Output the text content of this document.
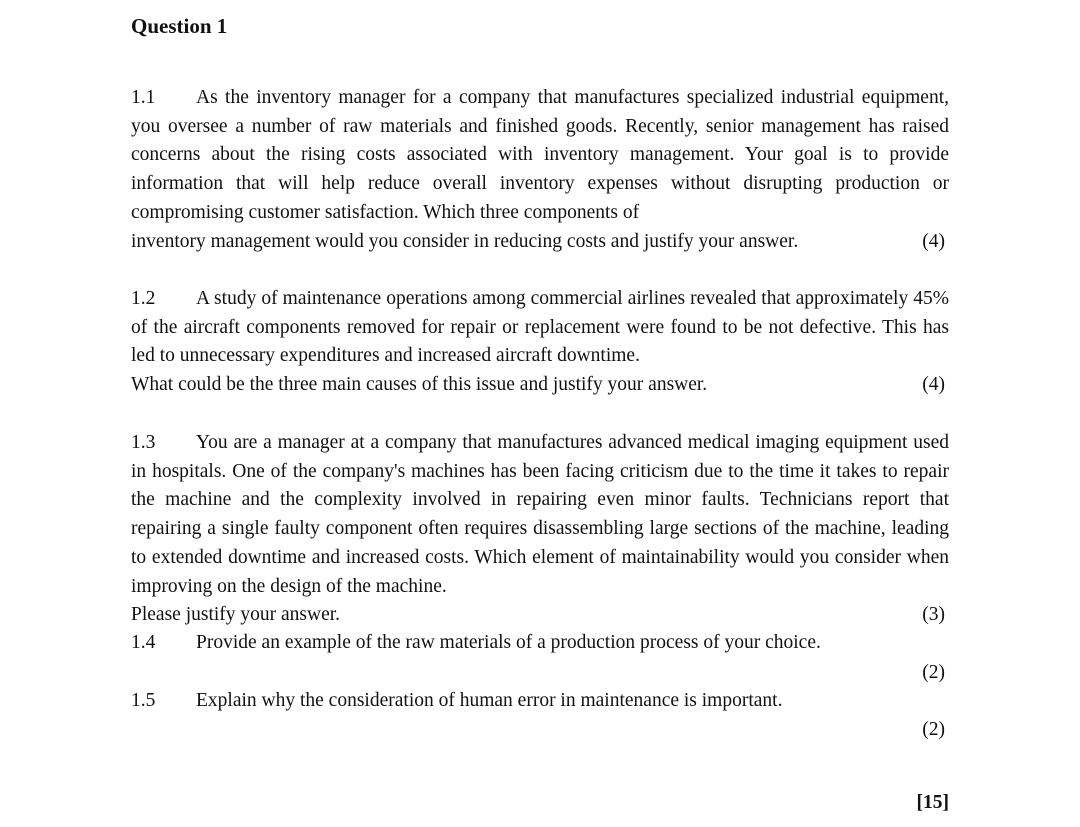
Question 1
1.1 As the inventory manager for a company that manufactures specialized industrial equipment, you oversee a number of raw materials and finished goods. Recently, senior management has raised concerns about the rising costs associated with inventory management. Your goal is to provide information that will help reduce overall inventory expenses without disrupting production or compromising customer satisfaction. Which three components of
inventory management would you consider in reducing costs and justify your answer.	(4)
1.2 A study of maintenance operations among commercial airlines revealed that approximately 45% of the aircraft components removed for repair or replacement were found to be not defective. This has led to unnecessary expenditures and increased aircraft downtime.
What could be the three main causes of this issue and justify your answer.	(4)
1.3 You are a manager at a company that manufactures advanced medical imaging equipment used in hospitals. One of the company's machines has been facing criticism due to the time it takes to repair the machine and the complexity involved in repairing even minor faults. Technicians report that repairing a single faulty component often requires disassembling large sections of the machine, leading to extended downtime and increased costs. Which element of maintainability would you consider when improving on the design of the machine.
Please justify your answer.	(3)
1.4 Provide an example of the raw materials of a production process of your choice.
(2)
1.5 Explain why the consideration of human error in maintenance is important.
(2)
[15]
